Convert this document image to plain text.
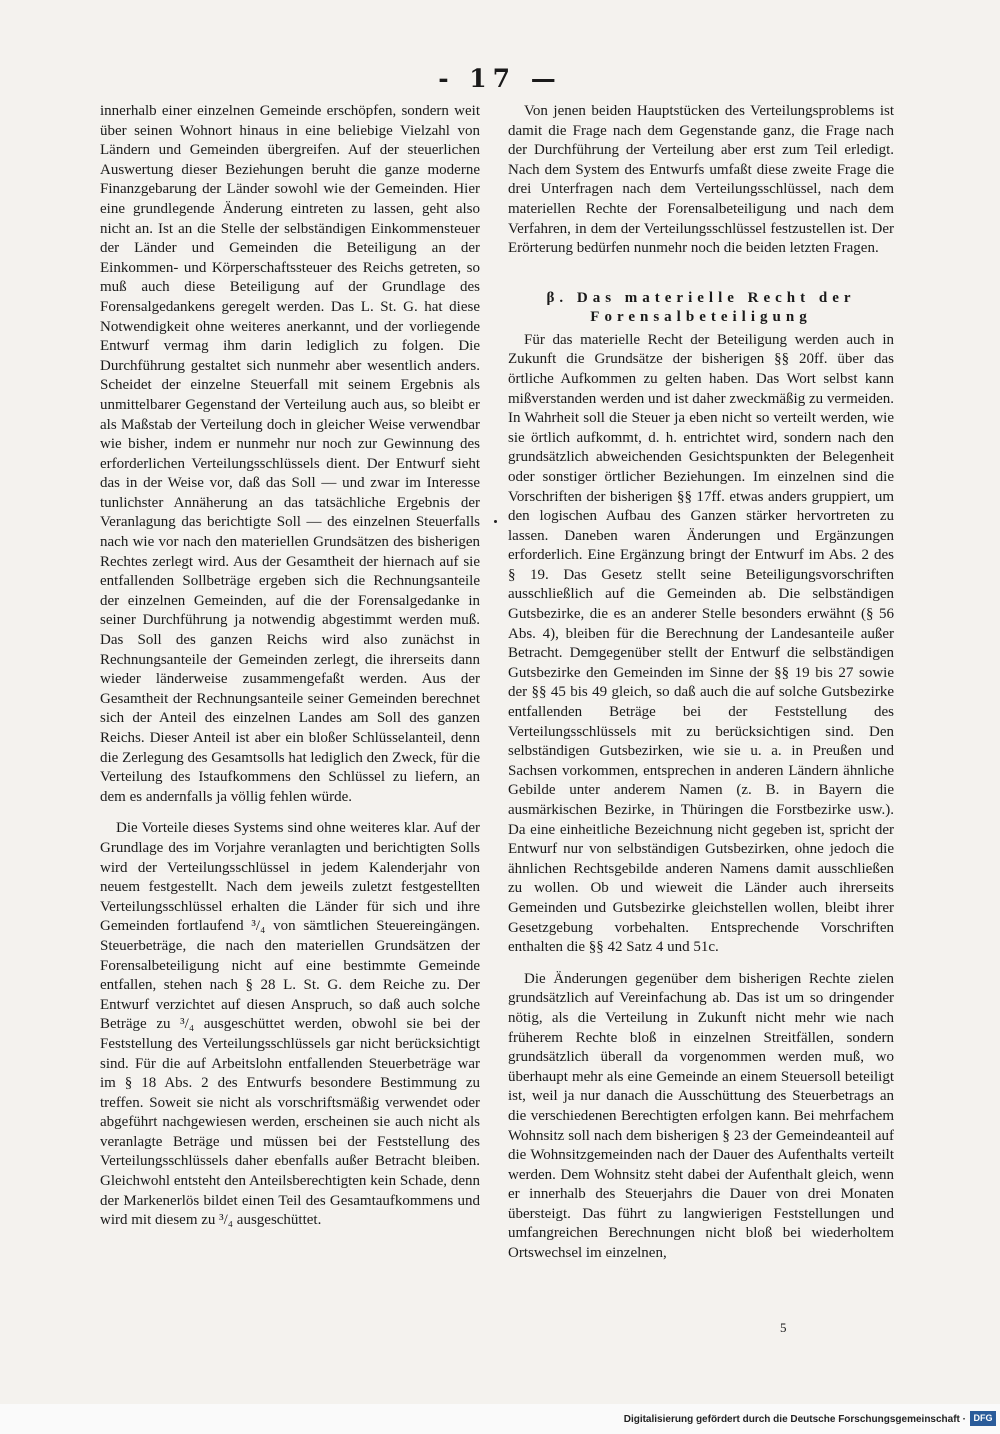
- 17 —

innerhalb einer einzelnen Gemeinde erschöpfen, sondern weit über seinen Wohnort hinaus in eine beliebige Vielzahl von Ländern und Gemeinden übergreifen. Auf der steuerlichen Auswertung dieser Beziehungen beruht die ganze moderne Finanzgebarung der Länder sowohl wie der Gemeinden. Hier eine grundlegende Änderung eintreten zu lassen, geht also nicht an. Ist an die Stelle der selbständigen Einkommensteuer der Länder und Gemeinden die Beteiligung an der Einkommen- und Körperschaftssteuer des Reichs getreten, so muß auch diese Beteiligung auf der Grundlage des Forensalgedankens geregelt werden. Das L. St. G. hat diese Notwendigkeit ohne weiteres anerkannt, und der vorliegende Entwurf vermag ihm darin lediglich zu folgen. Die Durchführung gestaltet sich nunmehr aber wesentlich anders. Scheidet der einzelne Steuerfall mit seinem Ergebnis als unmittelbarer Gegenstand der Verteilung auch aus, so bleibt er als Maßstab der Verteilung doch in gleicher Weise verwendbar wie bisher, indem er nunmehr nur noch zur Gewinnung des erforderlichen Verteilungsschlüssels dient. Der Entwurf sieht das in der Weise vor, daß das Soll — und zwar im Interesse tunlichster Annäherung an das tatsächliche Ergebnis der Veranlagung das berichtigte Soll — des einzelnen Steuerfalls nach wie vor nach den materiellen Grundsätzen des bisherigen Rechtes zerlegt wird. Aus der Gesamtheit der hiernach auf sie entfallenden Sollbeträge ergeben sich die Rechnungsanteile der einzelnen Gemeinden, auf die der Forensalgedanke in seiner Durchführung ja notwendig abgestimmt werden muß. Das Soll des ganzen Reichs wird also zunächst in Rechnungsanteile der Gemeinden zerlegt, die ihrerseits dann wieder länderweise zusammengefaßt werden. Aus der Gesamtheit der Rechnungsanteile seiner Gemeinden berechnet sich der Anteil des einzelnen Landes am Soll des ganzen Reichs. Dieser Anteil ist aber ein bloßer Schlüsselanteil, denn die Zerlegung des Gesamtsolls hat lediglich den Zweck, für die Verteilung des Istaufkommens den Schlüssel zu liefern, an dem es andernfalls ja völlig fehlen würde.

Die Vorteile dieses Systems sind ohne weiteres klar. Auf der Grundlage des im Vorjahre veranlagten und berichtigten Solls wird der Verteilungsschlüssel in jedem Kalenderjahr von neuem festgestellt. Nach dem jeweils zuletzt festgestellten Verteilungsschlüssel erhalten die Länder für sich und ihre Gemeinden fortlaufend ³/₄ von sämtlichen Steuereingängen. Steuerbeträge, die nach den materiellen Grundsätzen der Forensalbeteiligung nicht auf eine bestimmte Gemeinde entfallen, stehen nach § 28 L. St. G. dem Reiche zu. Der Entwurf verzichtet auf diesen Anspruch, so daß auch solche Beträge zu ³/₄ ausgeschüttet werden, obwohl sie bei der Feststellung des Verteilungsschlüssels gar nicht berücksichtigt sind. Für die auf Arbeitslohn entfallenden Steuerbeträge war im § 18 Abs. 2 des Entwurfs besondere Bestimmung zu treffen. Soweit sie nicht als vorschriftsmäßig verwendet oder abgeführt nachgewiesen werden, erscheinen sie auch nicht als veranlagte Beträge und müssen bei der Feststellung des Verteilungsschlüssels daher ebenfalls außer Betracht bleiben. Gleichwohl entsteht den Anteilsberechtigten kein Schade, denn der Markenerlös bildet einen Teil des Gesamtaufkommens und wird mit diesem zu ³/₄ ausgeschüttet.

Von jenen beiden Hauptstücken des Verteilungsproblems ist damit die Frage nach dem Gegenstande ganz, die Frage nach der Durchführung der Verteilung aber erst zum Teil erledigt. Nach dem System des Entwurfs umfaßt diese zweite Frage die drei Unterfragen nach dem Verteilungsschlüssel, nach dem materiellen Rechte der Forensalbeteiligung und nach dem Verfahren, in dem der Verteilungsschlüssel festzustellen ist. Der Erörterung bedürfen nunmehr noch die beiden letzten Fragen.

β. Das materielle Recht der Forensalbeteiligung

Für das materielle Recht der Beteiligung werden auch in Zukunft die Grundsätze der bisherigen §§ 20ff. über das örtliche Aufkommen zu gelten haben. Das Wort selbst kann mißverstanden werden und ist daher zweckmäßig zu vermeiden. In Wahrheit soll die Steuer ja eben nicht so verteilt werden, wie sie örtlich aufkommt, d. h. entrichtet wird, sondern nach den grundsätzlich abweichenden Gesichtspunkten der Belegenheit oder sonstiger örtlicher Beziehungen. Im einzelnen sind die Vorschriften der bisherigen §§ 17ff. etwas anders gruppiert, um den logischen Aufbau des Ganzen stärker hervortreten zu lassen. Daneben waren Änderungen und Ergänzungen erforderlich. Eine Ergänzung bringt der Entwurf im Abs. 2 des § 19. Das Gesetz stellt seine Beteiligungsvorschriften ausschließlich auf die Gemeinden ab. Die selbständigen Gutsbezirke, die es an anderer Stelle besonders erwähnt (§ 56 Abs. 4), bleiben für die Berechnung der Landesanteile außer Betracht. Demgegenüber stellt der Entwurf die selbständigen Gutsbezirke den Gemeinden im Sinne der §§ 19 bis 27 sowie der §§ 45 bis 49 gleich, so daß auch die auf solche Gutsbezirke entfallenden Beträge bei der Feststellung des Verteilungsschlüssels mit zu berücksichtigen sind. Den selbständigen Gutsbezirken, wie sie u. a. in Preußen und Sachsen vorkommen, entsprechen in anderen Ländern ähnliche Gebilde unter anderem Namen (z. B. in Bayern die ausmärkischen Bezirke, in Thüringen die Forstbezirke usw.). Da eine einheitliche Bezeichnung nicht gegeben ist, spricht der Entwurf nur von selbständigen Gutsbezirken, ohne jedoch die ähnlichen Rechtsgebilde anderen Namens damit ausschließen zu wollen. Ob und wieweit die Länder auch ihrerseits Gemeinden und Gutsbezirke gleichstellen wollen, bleibt ihrer Gesetzgebung vorbehalten. Entsprechende Vorschriften enthalten die §§ 42 Satz 4 und 51c.

Die Änderungen gegenüber dem bisherigen Rechte zielen grundsätzlich auf Vereinfachung ab. Das ist um so dringender nötig, als die Verteilung in Zukunft nicht mehr wie nach früherem Rechte bloß in einzelnen Streitfällen, sondern grundsätzlich überall da vorgenommen werden muß, wo überhaupt mehr als eine Gemeinde an einem Steuersoll beteiligt ist, weil ja nur danach die Ausschüttung des Steuerbetrags an die verschiedenen Berechtigten erfolgen kann. Bei mehrfachem Wohnsitz soll nach dem bisherigen § 23 der Gemeindeanteil auf die Wohnsitzgemeinden nach der Dauer des Aufenthalts verteilt werden. Dem Wohnsitz steht dabei der Aufenthalt gleich, wenn er innerhalb des Steuerjahrs die Dauer von drei Monaten übersteigt. Das führt zu langwierigen Feststellungen und umfangreichen Berechnungen nicht bloß bei wiederholtem Ortswechsel im einzelnen,

5
Digitalisierung gefördert durch die Deutsche Forschungsgemeinschaft · DFG
